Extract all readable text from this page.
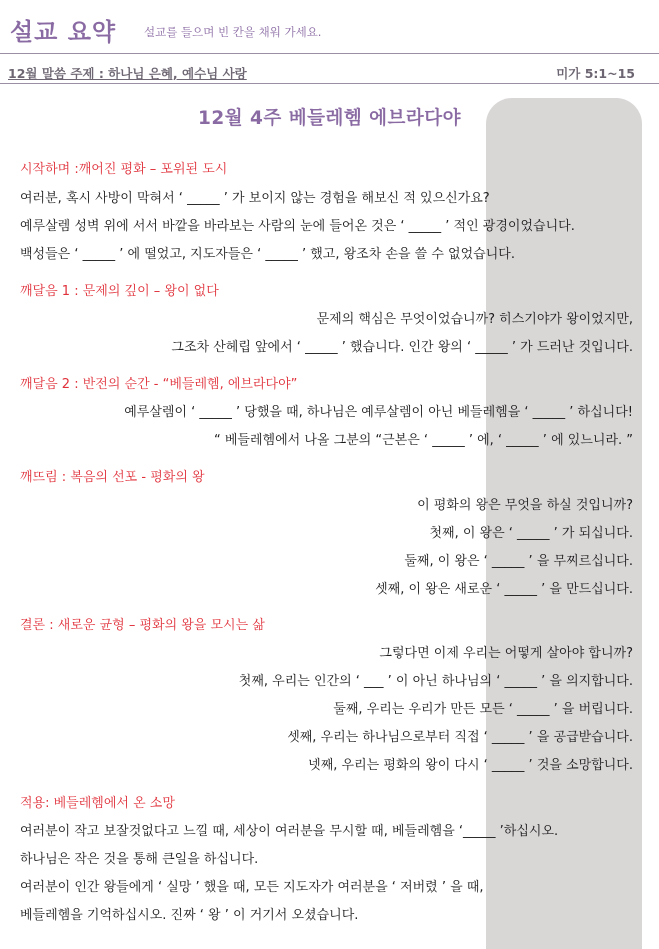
설교 요약 설교를 들으며 빈 칸을 채워 가세요.
12월 말씀 주제 : 하나님 은혜, 예수님 사랑	미가 5:1~15
12월 4주 베들레헴 에브라다야
시작하며 :깨어진 평화 – 포위된 도시
여러분, 혹시 사방이 막혀서 ‘ _____ ’ 가 보이지 않는 경험을 해보신 적 있으신가요?
예루살렘 성벽 위에 서서 바깥을 바라보는 사람의 눈에 들어온 것은 ‘ _____ ’ 적인 광경이었습니다.
백성들은 ‘ _____ ’ 에 떨었고, 지도자들은 ‘ _____ ’ 했고, 왕조차 손을 쓸 수 없었습니다.
깨달음 1 : 문제의 깊이 – 왕이 없다
문제의 핵심은 무엇이었습니까? 히스기야가 왕이었지만,
그조차 산헤립 앞에서 ‘ _____ ’ 했습니다. 인간 왕의 ‘ _____ ’ 가 드러난 것입니다.
깨달음 2 : 반전의 순간 - “베들레헴, 에브라다야”
예루살렘이 ‘ _____ ’ 당했을 때, 하나님은 예루살렘이 아닌 베들레헴을 ‘ _____ ’ 하십니다!
“ 베들레헴에서 나올 그분의 “근본은 ‘ _____ ’ 에, ‘ _____ ’ 에 있느니라. ”
깨뜨림 : 복음의 선포 - 평화의 왕
이 평화의 왕은 무엇을 하실 것입니까?
첫째, 이 왕은 ‘ _____ ’ 가 되십니다.
둘째, 이 왕은 ‘ _____ ’ 을 무찌르십니다.
셋째, 이 왕은 새로운 ‘ _____ ’ 을 만드십니다.
결론 : 새로운 균형 – 평화의 왕을 모시는 삶
그렇다면 이제 우리는 어떻게 살아야 합니까?
첫째, 우리는 인간의 ‘ ___ ’ 이 아닌 하나님의 ‘ _____ ’ 을 의지합니다.
둘째, 우리는 우리가 만든 모든 ‘ _____ ’ 을 버립니다.
셋째, 우리는 하나님으로부터 직접 ‘ _____ ’ 을 공급받습니다.
넷째, 우리는 평화의 왕이 다시 ‘ _____ ’ 것을 소망합니다.
적용: 베들레헴에서 온 소망
여러분이 작고 보잘것없다고 느낄 때, 세상이 여러분을 무시할 때, 베들레헴을 ‘_____ ’하십시오.
하나님은 작은 것을 통해 큰일을 하십니다.
여러분이 인간 왕들에게 ‘ 실망 ’ 했을 때, 모든 지도자가 여러분을 ‘ 저버렸 ’ 을 때,
베들레헴을 기억하십시오. 진짜 ‘ 왕 ’ 이 거기서 오셨습니다.
